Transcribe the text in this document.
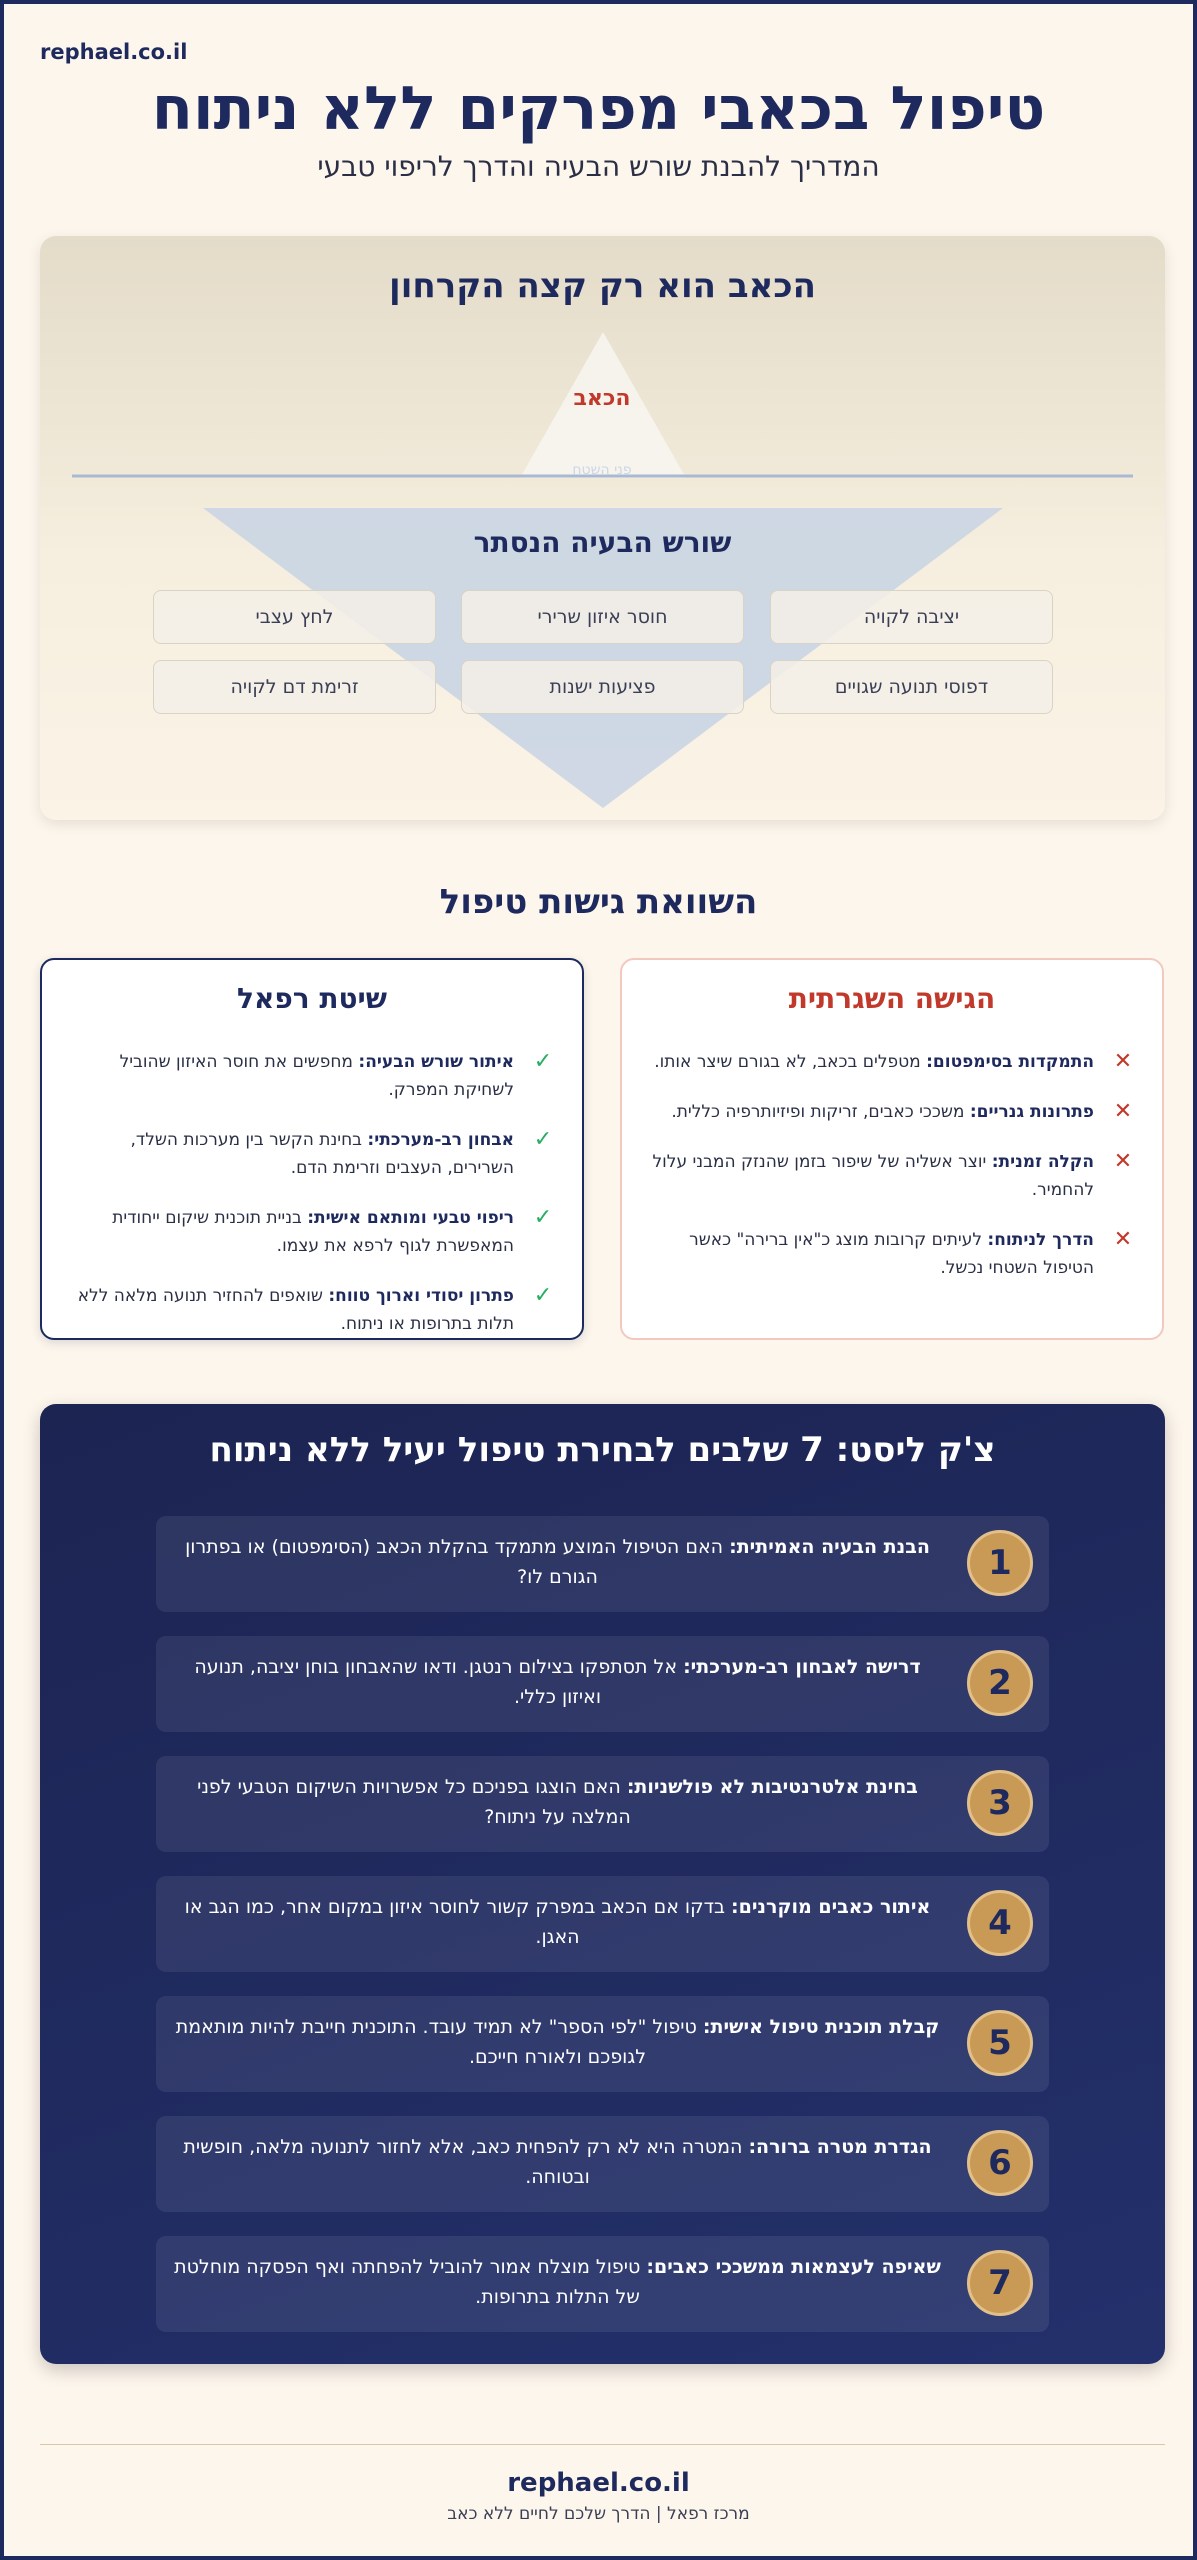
rephael.co.il
טיפול בכאבי מפרקים ללא ניתוח
המדריך להבנת שורש הבעיה והדרך לריפוי טבעי
הכאב הוא רק קצה הקרחון
הכאב
פני השטח
שורש הבעיה הנסתר
יציבה לקויה
חוסר איזון שרירי
לחץ עצבי
דפוסי תנועה שגויים
פציעות ישנות
זרימת דם לקויה
השוואת גישות טיפול
הגישה השגרתית
✕
התמקדות בסימפטום: מטפלים בכאב, לא בגורם שיצר אותו.
✕
פתרונות גנריים: משככי כאבים, זריקות ופיזיותרפיה כללית.
✕
הקלה זמנית: יוצר אשליה של שיפור בזמן שהנזק המבני עלול להחמיר.
✕
הדרך לניתוח: לעיתים קרובות מוצג כ"אין ברירה" כאשר הטיפול השטחי נכשל.
שיטת רפאל
✓
איתור שורש הבעיה: מחפשים את חוסר האיזון שהוביל לשחיקת המפרק.
✓
אבחון רב-מערכתי: בחינת הקשר בין מערכות השלד, השרירים, העצבים וזרימת הדם.
✓
ריפוי טבעי ומותאם אישית: בניית תוכנית שיקום ייחודית המאפשרת לגוף לרפא את עצמו.
✓
פתרון יסודי וארוך טווח: שואפים להחזיר תנועה מלאה ללא תלות בתרופות או ניתוח.
צ'ק ליסט: 7 שלבים לבחירת טיפול יעיל ללא ניתוח
1
הבנת הבעיה האמיתית: האם הטיפול המוצע מתמקד בהקלת הכאב (הסימפטום) או בפתרון הגורם לו?
2
דרישה לאבחון רב-מערכתי: אל תסתפקו בצילום רנטגן. ודאו שהאבחון בוחן יציבה, תנועה ואיזון כללי.
3
בחינת אלטרנטיבות לא פולשניות: האם הוצגו בפניכם כל אפשרויות השיקום הטבעי לפני המלצה על ניתוח?
4
איתור כאבים מוקרנים: בדקו אם הכאב במפרק קשור לחוסר איזון במקום אחר, כמו הגב או האגן.
5
קבלת תוכנית טיפול אישית: טיפול "לפי הספר" לא תמיד עובד. התוכנית חייבת להיות מותאמת לגופכם ולאורח חייכם.
6
הגדרת מטרה ברורה: המטרה היא לא רק להפחית כאב, אלא לחזור לתנועה מלאה, חופשית ובטוחה.
7
שאיפה לעצמאות ממשככי כאבים: טיפול מוצלח אמור להוביל להפחתה ואף הפסקה מוחלטת של התלות בתרופות.
rephael.co.il
מרכז רפאל | הדרך שלכם לחיים ללא כאב
